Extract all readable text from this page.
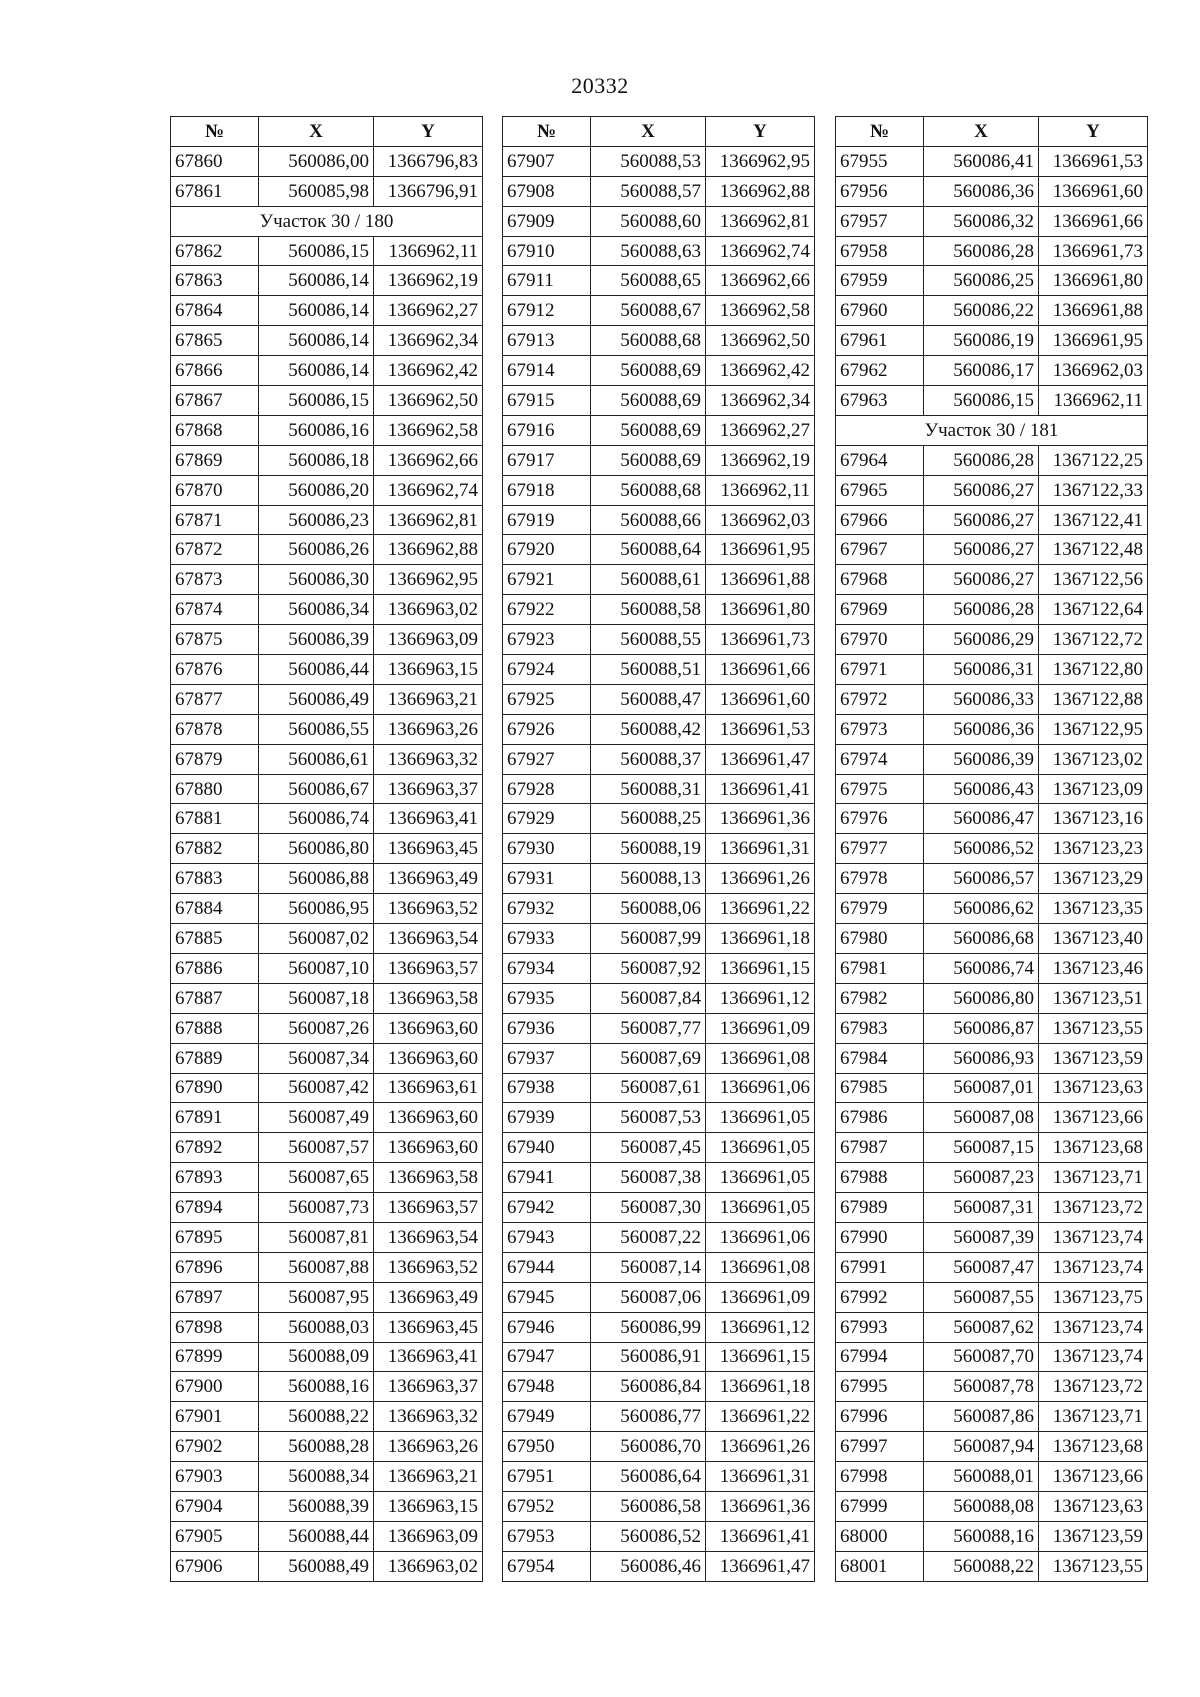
20332
№	X	Y
67860	560086,00	1366796,83
67861	560085,98	1366796,91
Участок 30 / 180		
67862	560086,15	1366962,11
67863	560086,14	1366962,19
67864	560086,14	1366962,27
67865	560086,14	1366962,34
67866	560086,14	1366962,42
67867	560086,15	1366962,50
67868	560086,16	1366962,58
67869	560086,18	1366962,66
67870	560086,20	1366962,74
67871	560086,23	1366962,81
67872	560086,26	1366962,88
67873	560086,30	1366962,95
67874	560086,34	1366963,02
67875	560086,39	1366963,09
67876	560086,44	1366963,15
67877	560086,49	1366963,21
67878	560086,55	1366963,26
67879	560086,61	1366963,32
67880	560086,67	1366963,37
67881	560086,74	1366963,41
67882	560086,80	1366963,45
67883	560086,88	1366963,49
67884	560086,95	1366963,52
67885	560087,02	1366963,54
67886	560087,10	1366963,57
67887	560087,18	1366963,58
67888	560087,26	1366963,60
67889	560087,34	1366963,60
67890	560087,42	1366963,61
67891	560087,49	1366963,60
67892	560087,57	1366963,60
67893	560087,65	1366963,58
67894	560087,73	1366963,57
67895	560087,81	1366963,54
67896	560087,88	1366963,52
67897	560087,95	1366963,49
67898	560088,03	1366963,45
67899	560088,09	1366963,41
67900	560088,16	1366963,37
67901	560088,22	1366963,32
67902	560088,28	1366963,26
67903	560088,34	1366963,21
67904	560088,39	1366963,15
67905	560088,44	1366963,09
67906	560088,49	1366963,02
№	X	Y
67907	560088,53	1366962,95
67908	560088,57	1366962,88
67909	560088,60	1366962,81
67910	560088,63	1366962,74
67911	560088,65	1366962,66
67912	560088,67	1366962,58
67913	560088,68	1366962,50
67914	560088,69	1366962,42
67915	560088,69	1366962,34
67916	560088,69	1366962,27
67917	560088,69	1366962,19
67918	560088,68	1366962,11
67919	560088,66	1366962,03
67920	560088,64	1366961,95
67921	560088,61	1366961,88
67922	560088,58	1366961,80
67923	560088,55	1366961,73
67924	560088,51	1366961,66
67925	560088,47	1366961,60
67926	560088,42	1366961,53
67927	560088,37	1366961,47
67928	560088,31	1366961,41
67929	560088,25	1366961,36
67930	560088,19	1366961,31
67931	560088,13	1366961,26
67932	560088,06	1366961,22
67933	560087,99	1366961,18
67934	560087,92	1366961,15
67935	560087,84	1366961,12
67936	560087,77	1366961,09
67937	560087,69	1366961,08
67938	560087,61	1366961,06
67939	560087,53	1366961,05
67940	560087,45	1366961,05
67941	560087,38	1366961,05
67942	560087,30	1366961,05
67943	560087,22	1366961,06
67944	560087,14	1366961,08
67945	560087,06	1366961,09
67946	560086,99	1366961,12
67947	560086,91	1366961,15
67948	560086,84	1366961,18
67949	560086,77	1366961,22
67950	560086,70	1366961,26
67951	560086,64	1366961,31
67952	560086,58	1366961,36
67953	560086,52	1366961,41
67954	560086,46	1366961,47
№	X	Y
67955	560086,41	1366961,53
67956	560086,36	1366961,60
67957	560086,32	1366961,66
67958	560086,28	1366961,73
67959	560086,25	1366961,80
67960	560086,22	1366961,88
67961	560086,19	1366961,95
67962	560086,17	1366962,03
67963	560086,15	1366962,11
Участок 30 / 181		
67964	560086,28	1367122,25
67965	560086,27	1367122,33
67966	560086,27	1367122,41
67967	560086,27	1367122,48
67968	560086,27	1367122,56
67969	560086,28	1367122,64
67970	560086,29	1367122,72
67971	560086,31	1367122,80
67972	560086,33	1367122,88
67973	560086,36	1367122,95
67974	560086,39	1367123,02
67975	560086,43	1367123,09
67976	560086,47	1367123,16
67977	560086,52	1367123,23
67978	560086,57	1367123,29
67979	560086,62	1367123,35
67980	560086,68	1367123,40
67981	560086,74	1367123,46
67982	560086,80	1367123,51
67983	560086,87	1367123,55
67984	560086,93	1367123,59
67985	560087,01	1367123,63
67986	560087,08	1367123,66
67987	560087,15	1367123,68
67988	560087,23	1367123,71
67989	560087,31	1367123,72
67990	560087,39	1367123,74
67991	560087,47	1367123,74
67992	560087,55	1367123,75
67993	560087,62	1367123,74
67994	560087,70	1367123,74
67995	560087,78	1367123,72
67996	560087,86	1367123,71
67997	560087,94	1367123,68
67998	560088,01	1367123,66
67999	560088,08	1367123,63
68000	560088,16	1367123,59
68001	560088,22	1367123,55
